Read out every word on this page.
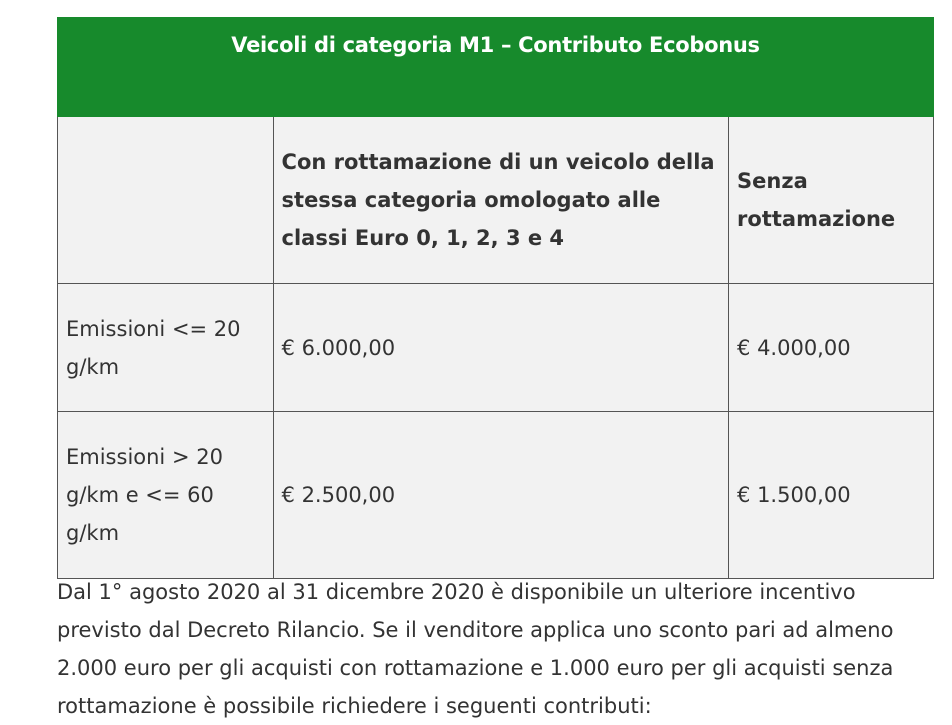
Veicoli di categoria M1 – Contributo Ecobonus		
	Con rottamazione di un veicolo della stessa categoria omologato alle classi Euro 0, 1, 2, 3 e 4	Senza rottamazione
Emissioni <= 20 g/km	€ 6.000,00	€ 4.000,00
Emissioni > 20 g/km e <= 60 g/km	€ 2.500,00	€ 1.500,00

Dal 1° agosto 2020 al 31 dicembre 2020 è disponibile un ulteriore incentivo previsto dal Decreto Rilancio. Se il venditore applica uno sconto pari ad almeno 2.000 euro per gli acquisti con rottamazione e 1.000 euro per gli acquisti senza rottamazione è possibile richiedere i seguenti contributi:
